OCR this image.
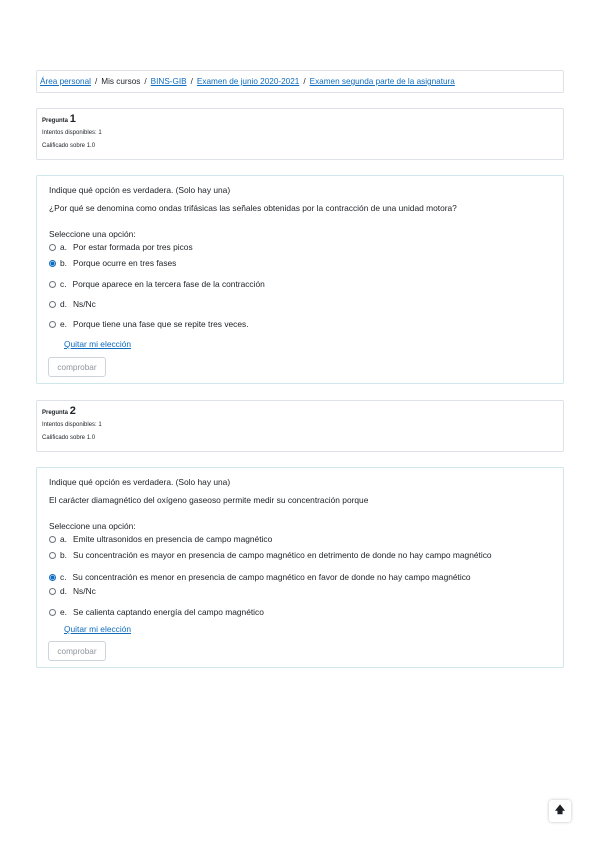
Área personal / Mis cursos / BINS-GIB / Examen de junio 2020-2021 / Examen segunda parte de la asignatura
Pregunta 1
Intentos disponibles: 1
Calificado sobre 1.0
Indique qué opción es verdadera. (Solo hay una)
¿Por qué se denomina como ondas trifásicas las señales obtenidas por la contracción de una unidad motora?
Seleccione una opción:
a. Por estar formada por tres picos
b. Porque ocurre en tres fases
c. Porque aparece en la tercera fase de la contracción
d. Ns/Nc
e. Porque tiene una fase que se repite tres veces.
Quitar mi elección
comprobar
Pregunta 2
Intentos disponibles: 1
Calificado sobre 1.0
Indique qué opción es verdadera. (Solo hay una)
El carácter diamagnético del oxígeno gaseoso permite medir su concentración porque
Seleccione una opción:
a. Emite ultrasonidos en presencia de campo magnético
b. Su concentración es mayor en presencia de campo magnético en detrimento de donde no hay campo magnético
c. Su concentración es menor en presencia de campo magnético en favor de donde no hay campo magnético
d. Ns/Nc
e. Se calienta captando energía del campo magnético
Quitar mi elección
comprobar
🡅
